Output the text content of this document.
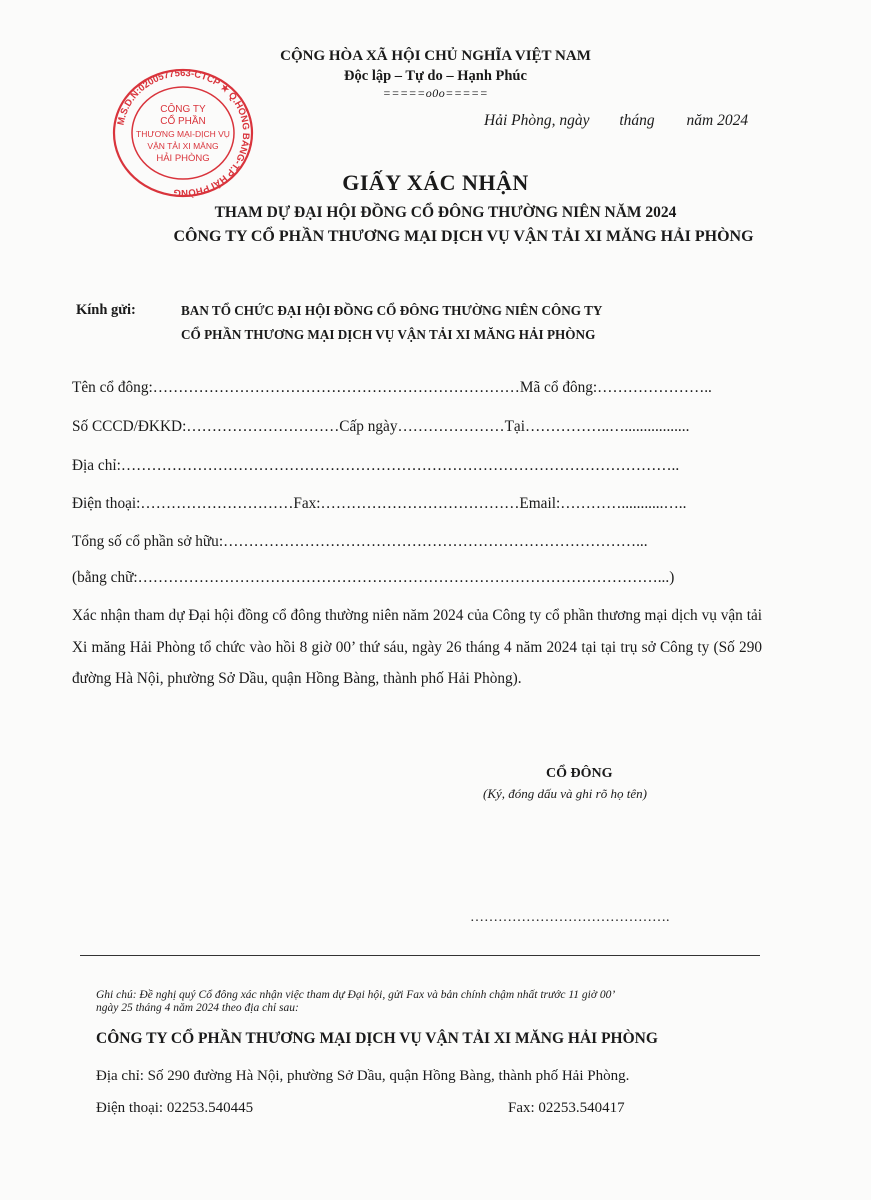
CỘNG HÒA XÃ HỘI CHỦ NGHĨA VIỆT NAM
Độc lập – Tự do – Hạnh Phúc
=====o0o=====
Hải Phòng, ngày tháng năm 2024
M.S.D.N:0200577563-CTCP ★ Q.HỒNG BÀNG-T.P HẢI PHÒNG
CÔNG TY
CỔ PHẦN
THƯƠNG MẠI-DỊCH VỤ
VẬN TẢI XI MĂNG
HẢI PHÒNG
GIẤY XÁC NHẬN
THAM DỰ ĐẠI HỘI ĐỒNG CỔ ĐÔNG THƯỜNG NIÊN NĂM 2024
CÔNG TY CỔ PHẦN THƯƠNG MẠI DỊCH VỤ VẬN TẢI XI MĂNG HẢI PHÒNG
Kính gửi:	BAN TỔ CHỨC ĐẠI HỘI ĐỒNG CỔ ĐÔNG THƯỜNG NIÊN CÔNG TY
CỔ PHẦN THƯƠNG MẠI DỊCH VỤ VẬN TẢI XI MĂNG HẢI PHÒNG
Tên cổ đông:………………………………………………………………Mã cổ đông:…………………..
Số CCCD/ĐKKD:…………………………Cấp ngày…………………Tại……………..….................
Địa chỉ:………………………………………………………………………………………………..
Điện thoại:…………………………Fax:…………………………………Email:…………...........…..
Tổng số cổ phần sở hữu:………………………………………………………………………...
(bằng chữ:…………………………………………………………………………………………...)
Xác nhận tham dự Đại hội đồng cổ đông thường niên năm 2024 của Công ty cổ phần thương mại dịch vụ vận tải Xi măng Hải Phòng tổ chức vào hồi 8 giờ 00’ thứ sáu, ngày 26 tháng 4 năm 2024 tại tại trụ sở Công ty (Số 290 đường Hà Nội, phường Sở Dầu, quận Hồng Bàng, thành phố Hải Phòng).
CỔ ĐÔNG
(Ký, đóng dấu và ghi rõ họ tên)
…………………………………….
Ghi chú: Đề nghị quý Cổ đông xác nhận việc tham dự Đại hội, gửi Fax và bản chính chậm nhất trước 11 giờ 00’
ngày 25 tháng 4 năm 2024 theo địa chỉ sau:
CÔNG TY CỔ PHẦN THƯƠNG MẠI DỊCH VỤ VẬN TẢI XI MĂNG HẢI PHÒNG
Địa chỉ: Số 290 đường Hà Nội, phường Sở Dầu, quận Hồng Bàng, thành phố Hải Phòng.
Điện thoại: 02253.540445	Fax: 02253.540417
